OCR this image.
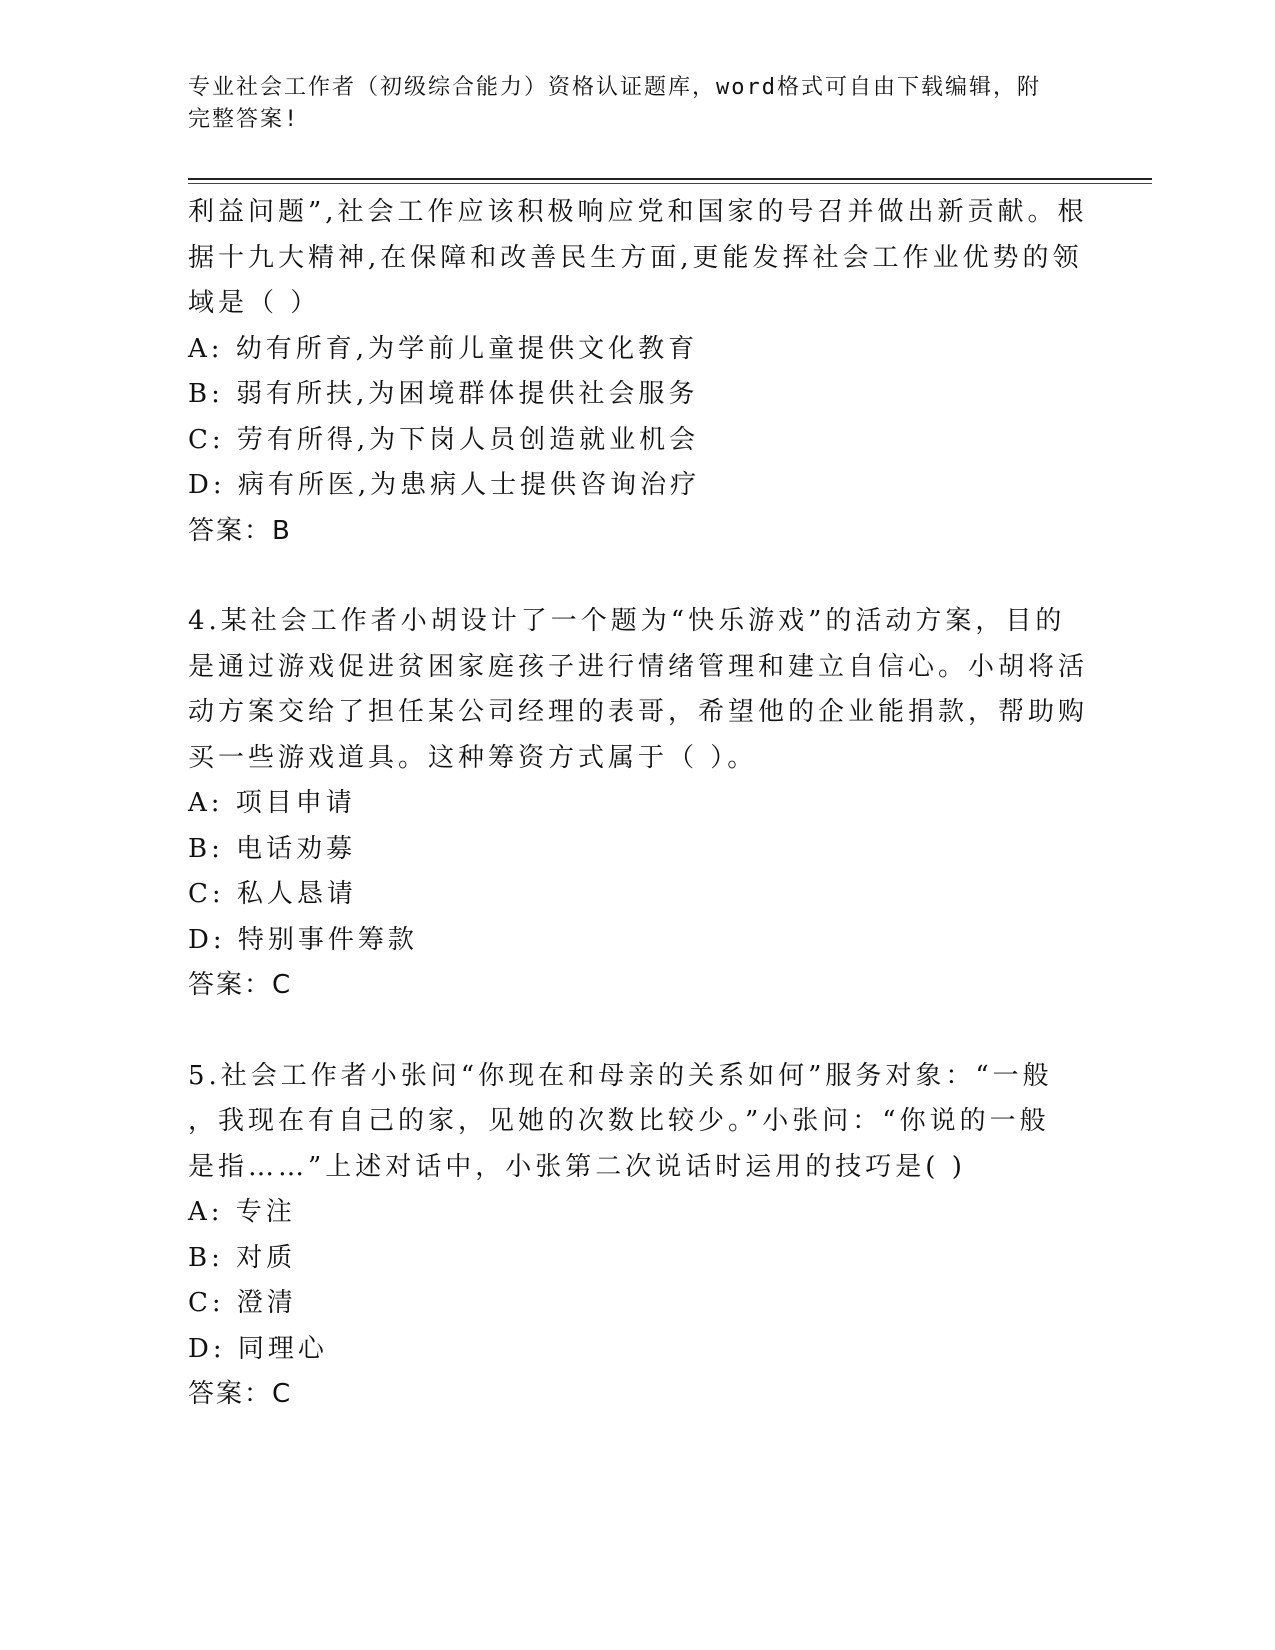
专业社会工作者（初级综合能力）资格认证题库，word格式可自由下载编辑，附
完整答案!
利益问题”,社会工作应该积极响应党和国家的号召并做出新贡献。根
据十九大精神,在保障和改善民生方面,更能发挥社会工作业优势的领
域是（ ）
A: 幼有所育,为学前儿童提供文化教育
B: 弱有所扶,为困境群体提供社会服务
C: 劳有所得,为下岗人员创造就业机会
D: 病有所医,为患病人士提供咨询治疗
答案：B
4.某社会工作者小胡设计了一个题为“快乐游戏”的活动方案，目的
是通过游戏促进贫困家庭孩子进行情绪管理和建立自信心。小胡将活
动方案交给了担任某公司经理的表哥，希望他的企业能捐款，帮助购
买一些游戏道具。这种筹资方式属于（ ）。
A: 项目申请
B: 电话劝募
C: 私人恳请
D: 特别事件筹款
答案：C
5.社会工作者小张问“你现在和母亲的关系如何”服务对象：“一般
，我现在有自己的家，见她的次数比较少。”小张问：“你说的一般
是指……”上述对话中，小张第二次说话时运用的技巧是( )
A: 专注
B: 对质
C: 澄清
D: 同理心
答案：C
